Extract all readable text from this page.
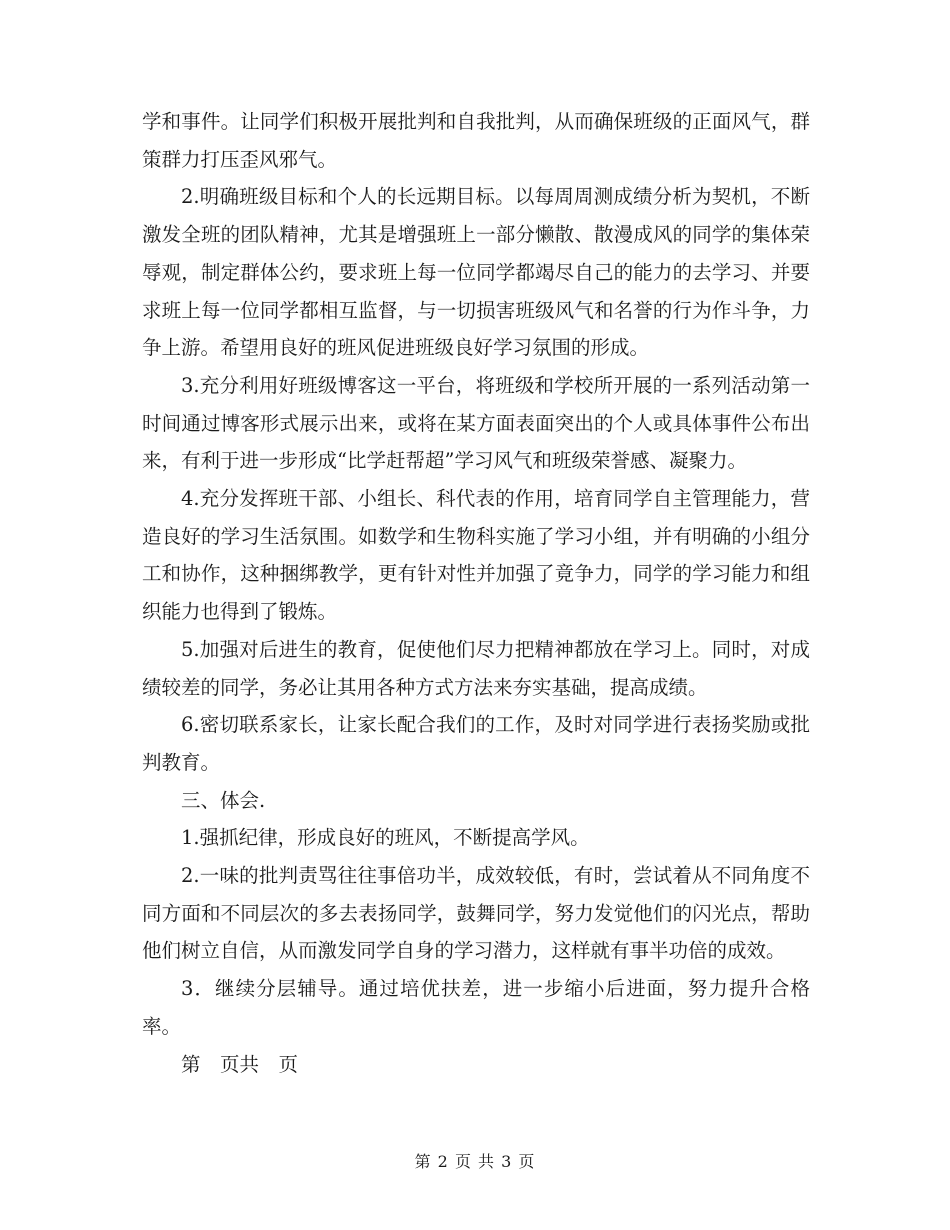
学和事件。让同学们积极开展批判和自我批判，从而确保班级的正面风气，群策群力打压歪风邪气。

2.明确班级目标和个人的长远期目标。以每周周测成绩分析为契机，不断激发全班的团队精神，尤其是增强班上一部分懒散、散漫成风的同学的集体荣辱观，制定群体公约，要求班上每一位同学都竭尽自己的能力的去学习、并要求班上每一位同学都相互监督，与一切损害班级风气和名誉的行为作斗争，力争上游。希望用良好的班风促进班级良好学习氛围的形成。

3.充分利用好班级博客这一平台，将班级和学校所开展的一系列活动第一时间通过博客形式展示出来，或将在某方面表面突出的个人或具体事件公布出来，有利于进一步形成“比学赶帮超”学习风气和班级荣誉感、凝聚力。

4.充分发挥班干部、小组长、科代表的作用，培育同学自主管理能力，营造良好的学习生活氛围。如数学和生物科实施了学习小组，并有明确的小组分工和协作，这种捆绑教学，更有针对性并加强了竟争力，同学的学习能力和组织能力也得到了锻炼。

5.加强对后进生的教育，促使他们尽力把精神都放在学习上。同时，对成绩较差的同学，务必让其用各种方式方法来夯实基础，提高成绩。

6.密切联系家长，让家长配合我们的工作，及时对同学进行表扬奖励或批判教育。

三、体会.

1.强抓纪律，形成良好的班风，不断提高学风。

2.一味的批判责骂往往事倍功半，成效较低，有时，尝试着从不同角度不同方面和不同层次的多去表扬同学，鼓舞同学，努力发觉他们的闪光点，帮助他们树立自信，从而激发同学自身的学习潜力，这样就有事半功倍的成效。

3．继续分层辅导。通过培优扶差，进一步缩小后进面，努力提升合格率。

第　页共　页

第 2 页 共 3 页
